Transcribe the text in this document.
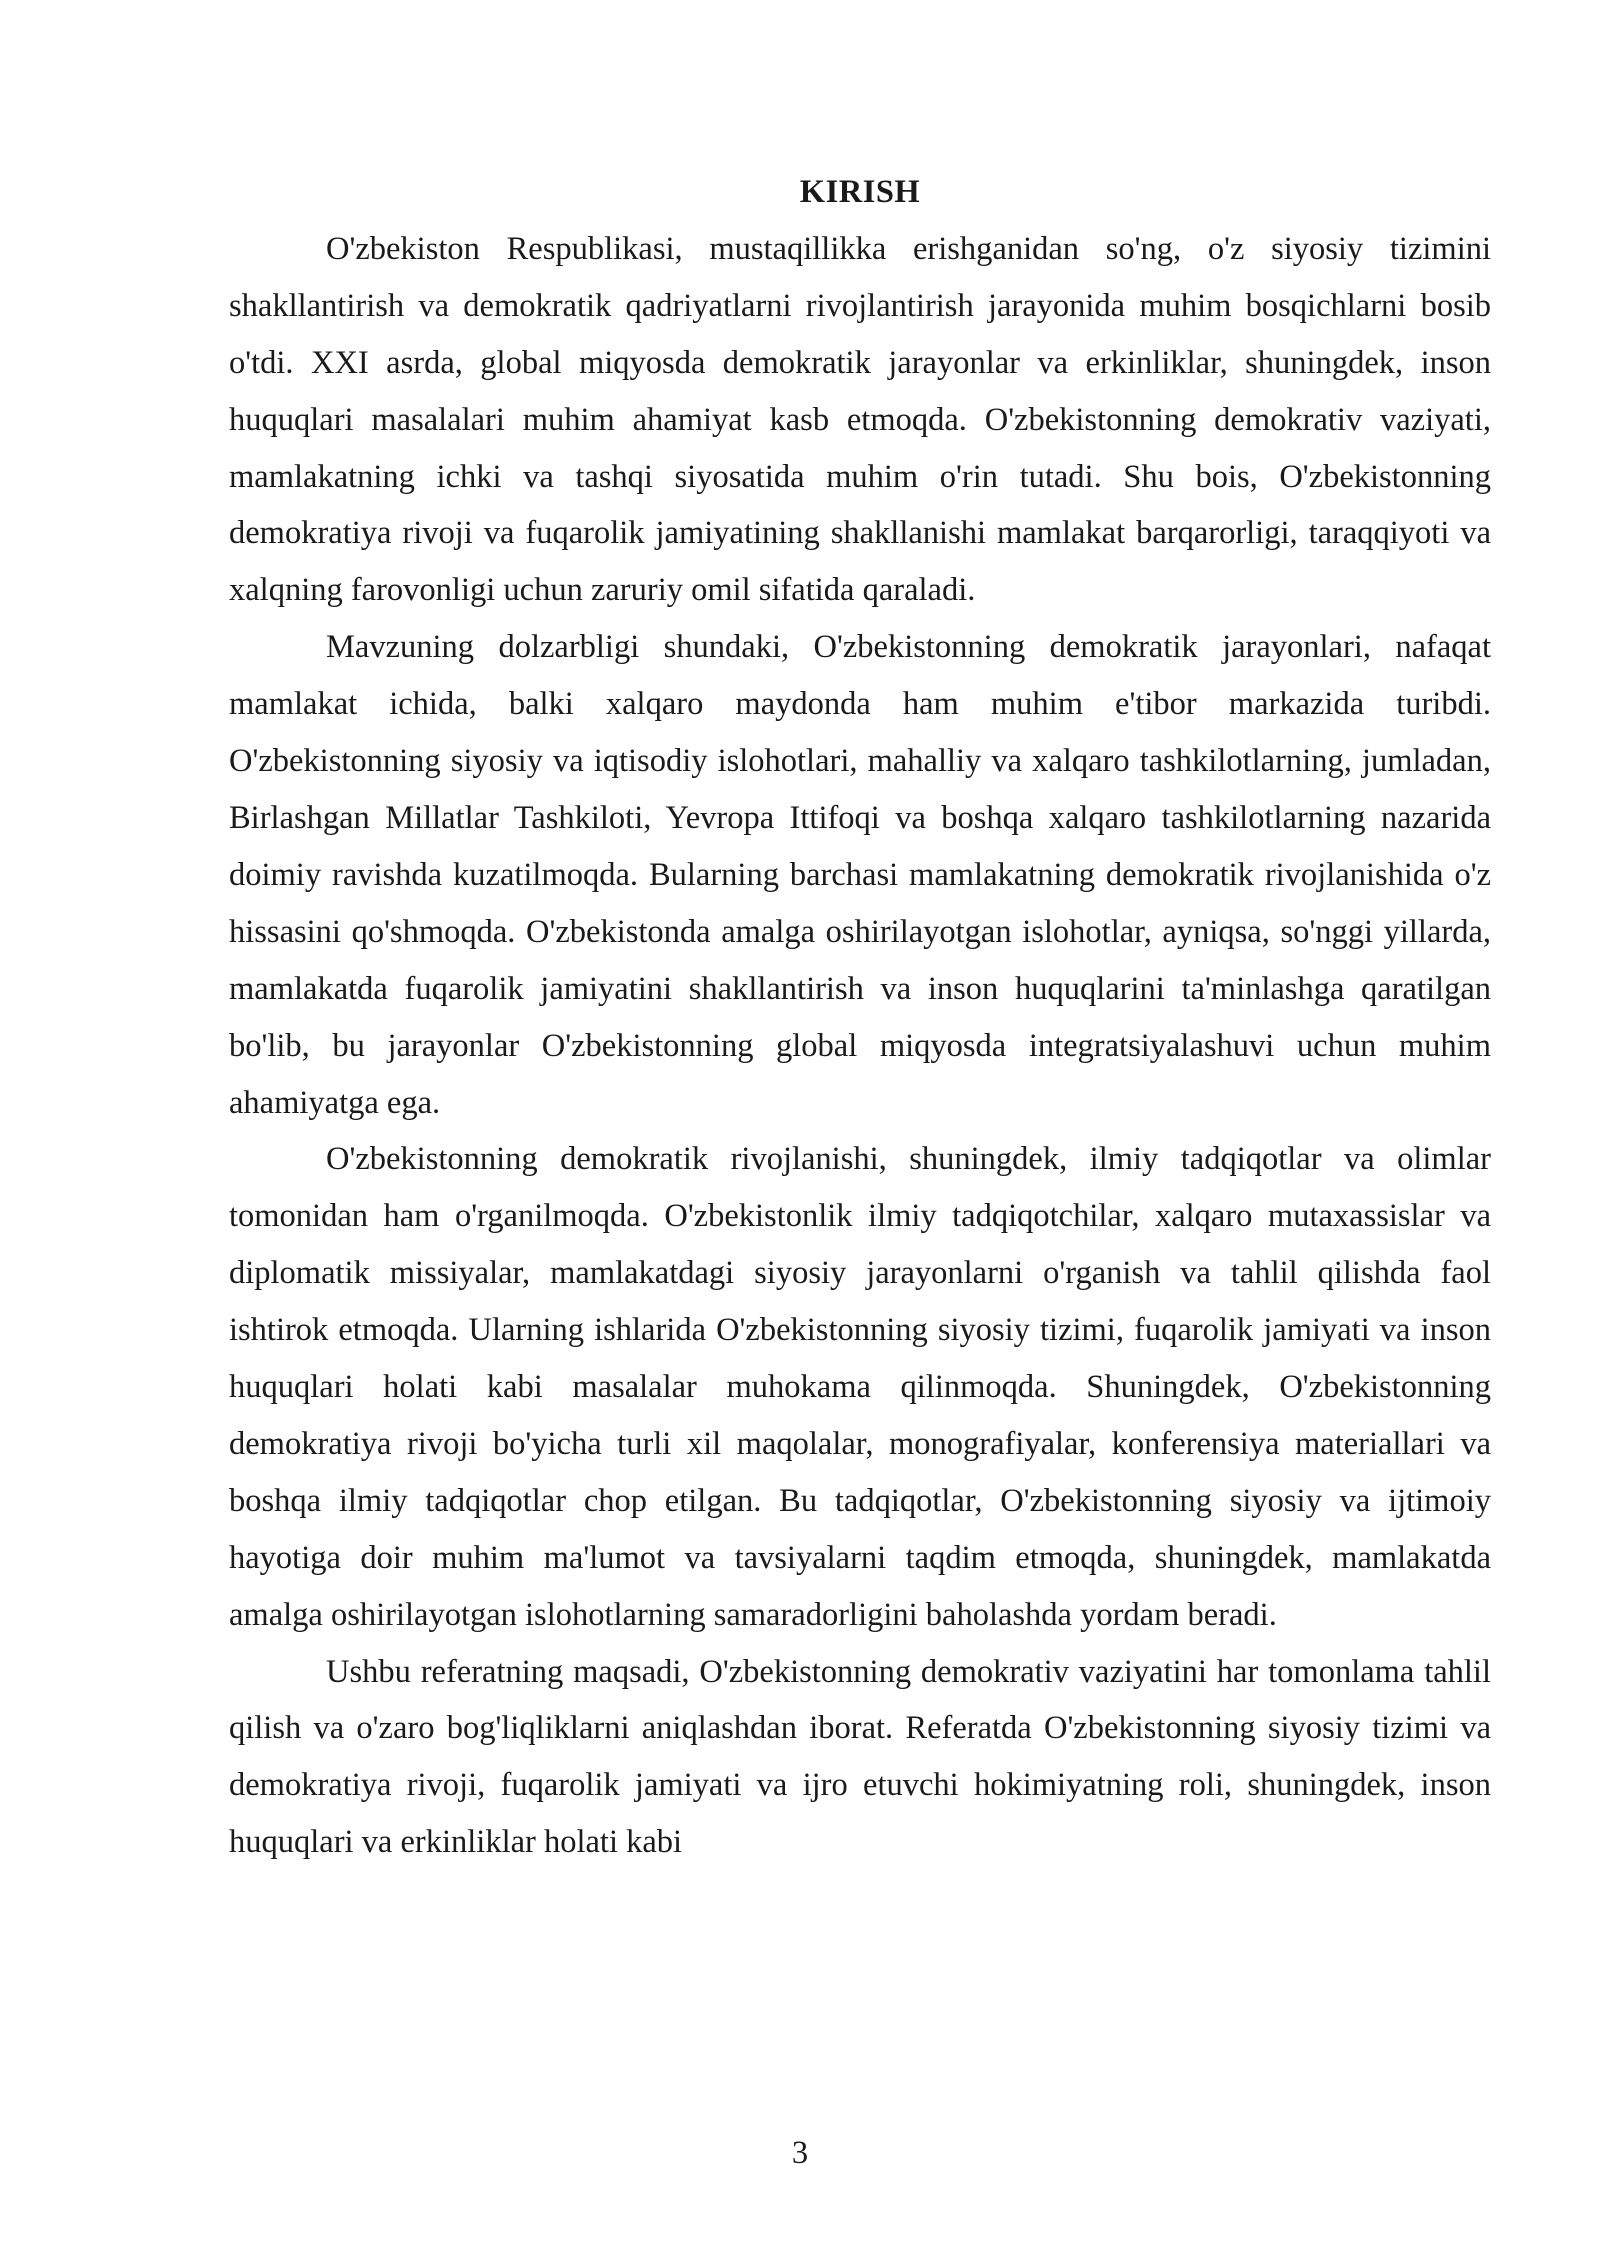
KIRISH

O'zbekiston Respublikasi, mustaqillikka erishganidan so'ng, o'z siyosiy tizimini shakllantirish va demokratik qadriyatlarni rivojlantirish jarayonida muhim bosqichlarni bosib o'tdi. XXI asrda, global miqyosda demokratik jarayonlar va erkinliklar, shuningdek, inson huquqlari masalalari muhim ahamiyat kasb etmoqda. O'zbekistonning demokrativ vaziyati, mamlakatning ichki va tashqi siyosatida muhim o'rin tutadi. Shu bois, O'zbekistonning demokratiya rivoji va fuqarolik jamiyatining shakllanishi mamlakat barqarorligi, taraqqiyoti va xalqning farovonligi uchun zaruriy omil sifatida qaraladi.

Mavzuning dolzarbligi shundaki, O'zbekistonning demokratik jarayonlari, nafaqat mamlakat ichida, balki xalqaro maydonda ham muhim e'tibor markazida turibdi. O'zbekistonning siyosiy va iqtisodiy islohotlari, mahalliy va xalqaro tashkilotlarning, jumladan, Birlashgan Millatlar Tashkiloti, Yevropa Ittifoqi va boshqa xalqaro tashkilotlarning nazarida doimiy ravishda kuzatilmoqda. Bularning barchasi mamlakatning demokratik rivojlanishida o'z hissasini qo'shmoqda. O'zbekistonda amalga oshirilayotgan islohotlar, ayniqsa, so'nggi yillarda, mamlakatda fuqarolik jamiyatini shakllantirish va inson huquqlarini ta'minlashga qaratilgan bo'lib, bu jarayonlar O'zbekistonning global miqyosda integratsiyalashuvi uchun muhim ahamiyatga ega.

O'zbekistonning demokratik rivojlanishi, shuningdek, ilmiy tadqiqotlar va olimlar tomonidan ham o'rganilmoqda. O'zbekistonlik ilmiy tadqiqotchilar, xalqaro mutaxassislar va diplomatik missiyalar, mamlakatdagi siyosiy jarayonlarni o'rganish va tahlil qilishda faol ishtirok etmoqda. Ularning ishlarida O'zbekistonning siyosiy tizimi, fuqarolik jamiyati va inson huquqlari holati kabi masalalar muhokama qilinmoqda. Shuningdek, O'zbekistonning demokratiya rivoji bo'yicha turli xil maqolalar, monografiyalar, konferensiya materiallari va boshqa ilmiy tadqiqotlar chop etilgan. Bu tadqiqotlar, O'zbekistonning siyosiy va ijtimoiy hayotiga doir muhim ma'lumot va tavsiyalarni taqdim etmoqda, shuningdek, mamlakatda amalga oshirilayotgan islohotlarning samaradorligini baholashda yordam beradi.

Ushbu referatning maqsadi, O'zbekistonning demokrativ vaziyatini har tomonlama tahlil qilish va o'zaro bog'liqliklarni aniqlashdan iborat. Referatda O'zbekistonning siyosiy tizimi va demokratiya rivoji, fuqarolik jamiyati va ijro etuvchi hokimiyatning roli, shuningdek, inson huquqlari va erkinliklar holati kabi

3
